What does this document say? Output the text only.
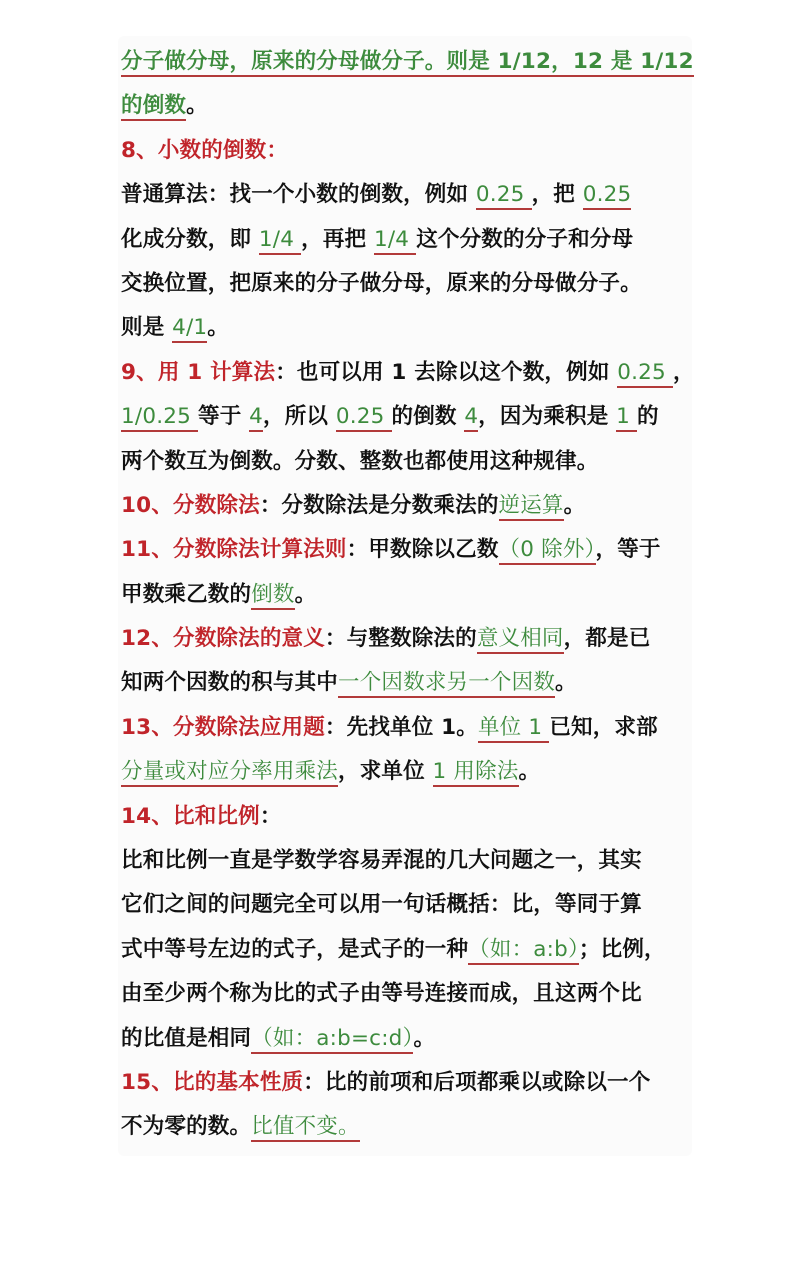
分子做分母，原来的分母做分子。则是 1/12，12 是 1/12
的倒数。
8、小数的倒数：
普通算法：找一个小数的倒数，例如 0.25 ，把 0.25
化成分数，即 1/4 ，再把 1/4 这个分数的分子和分母
交换位置，把原来的分子做分母，原来的分母做分子。
则是 4/1。
9、用 1 计算法：也可以用 1 去除以这个数，例如 0.25 ，
1/0.25 等于 4，所以 0.25 的倒数 4，因为乘积是 1 的
两个数互为倒数。分数、整数也都使用这种规律。
10、分数除法：分数除法是分数乘法的逆运算。
11、分数除法计算法则：甲数除以乙数（0 除外），等于
甲数乘乙数的倒数。
12、分数除法的意义：与整数除法的意义相同，都是已
知两个因数的积与其中一个因数求另一个因数。
13、分数除法应用题：先找单位 1。单位 1 已知，求部
分量或对应分率用乘法，求单位 1 用除法。
14、比和比例：
比和比例一直是学数学容易弄混的几大问题之一，其实
它们之间的问题完全可以用一句话概括：比，等同于算
式中等号左边的式子，是式子的一种（如：a:b）；比例，
由至少两个称为比的式子由等号连接而成，且这两个比
的比值是相同（如：a:b=c:d）。
15、比的基本性质：比的前项和后项都乘以或除以一个
不为零的数。比值不变。
